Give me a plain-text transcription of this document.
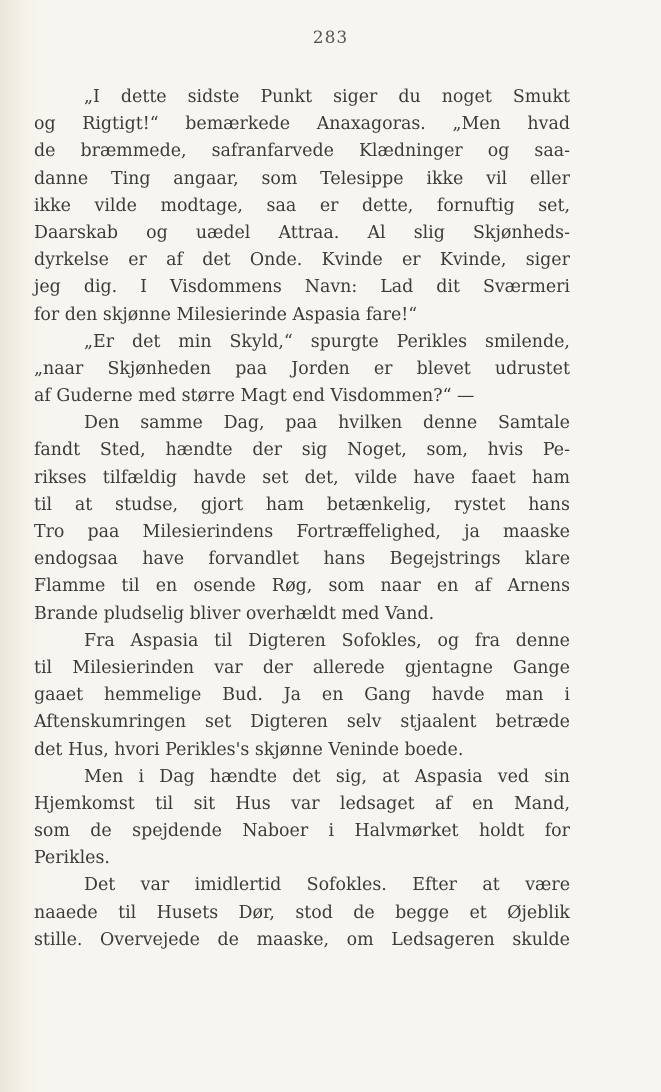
283
„I dette sidste Punkt siger du noget Smukt
og Rigtigt!“ bemærkede Anaxagoras. „Men hvad
de bræmmede, safranfarvede Klædninger og saa-
danne Ting angaar, som Telesippe ikke vil eller
ikke vilde modtage, saa er dette, fornuftig set,
Daarskab og uædel Attraa. Al slig Skjønheds-
dyrkelse er af det Onde. Kvinde er Kvinde, siger
jeg dig. I Visdommens Navn: Lad dit Sværmeri
for den skjønne Milesierinde Aspasia fare!“
„Er det min Skyld,“ spurgte Perikles smilende,
„naar Skjønheden paa Jorden er blevet udrustet
af Guderne med større Magt end Visdommen?“ —
Den samme Dag, paa hvilken denne Samtale
fandt Sted, hændte der sig Noget, som, hvis Pe-
rikses tilfældig havde set det, vilde have faaet ham
til at studse, gjort ham betænkelig, rystet hans
Tro paa Milesierindens Fortræffelighed, ja maaske
endogsaa have forvandlet hans Begejstrings klare
Flamme til en osende Røg, som naar en af Arnens
Brande pludselig bliver overhældt med Vand.
Fra Aspasia til Digteren Sofokles, og fra denne
til Milesierinden var der allerede gjentagne Gange
gaaet hemmelige Bud. Ja en Gang havde man i
Aftenskumringen set Digteren selv stjaalent betræde
det Hus, hvori Perikles's skjønne Veninde boede.
Men i Dag hændte det sig, at Aspasia ved sin
Hjemkomst til sit Hus var ledsaget af en Mand,
som de spejdende Naboer i Halvmørket holdt for
Perikles.
Det var imidlertid Sofokles. Efter at være
naaede til Husets Dør, stod de begge et Øjeblik
stille. Overvejede de maaske, om Ledsageren skulde
